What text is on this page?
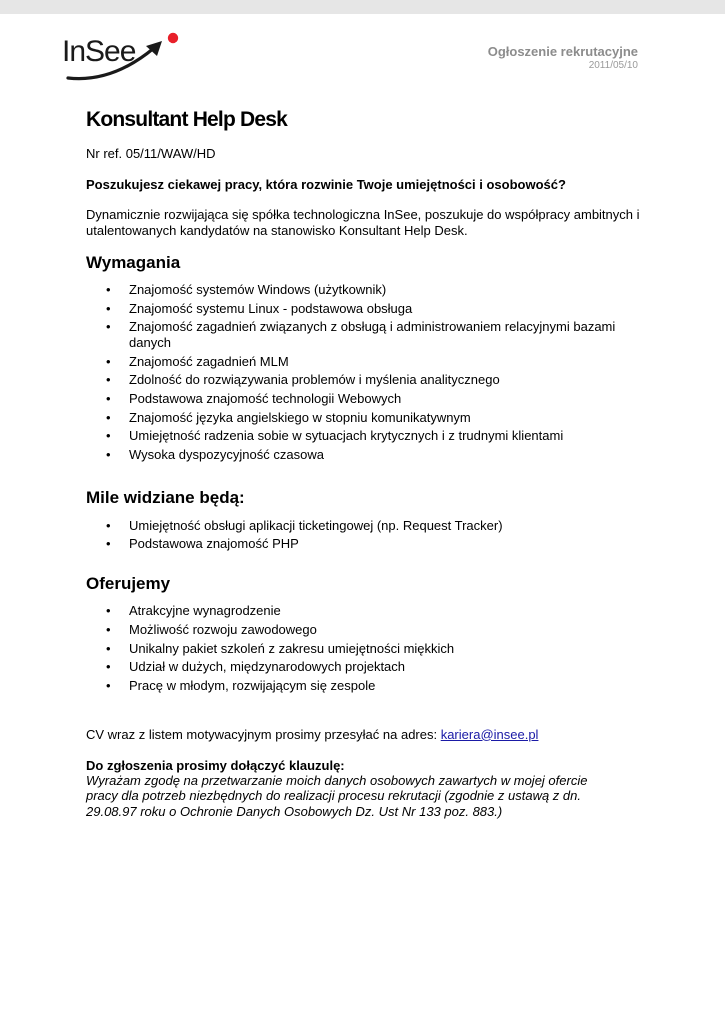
InSee	Ogłoszenie rekrutacyjne
2011/05/10
Konsultant Help Desk
Nr ref. 05/11/WAW/HD
Poszukujesz ciekawej pracy, która rozwinie Twoje umiejętności i osobowość?
Dynamicznie rozwijająca się spółka technologiczna InSee, poszukuje do współpracy ambitnych i utalentowanych kandydatów na stanowisko Konsultant Help Desk.
Wymagania
• Znajomość systemów Windows (użytkownik)
• Znajomość systemu Linux - podstawowa obsługa
• Znajomość zagadnień związanych z obsługą i administrowaniem relacyjnymi bazami danych
• Znajomość zagadnień MLM
• Zdolność do rozwiązywania problemów i myślenia analitycznego
• Podstawowa znajomość technologii Webowych
• Znajomość języka angielskiego w stopniu komunikatywnym
• Umiejętność radzenia sobie w sytuacjach krytycznych i z trudnymi klientami
• Wysoka dyspozycyjność czasowa
Mile widziane będą:
• Umiejętność obsługi aplikacji ticketingowej (np. Request Tracker)
• Podstawowa znajomość PHP
Oferujemy
• Atrakcyjne wynagrodzenie
• Możliwość rozwoju zawodowego
• Unikalny pakiet szkoleń z zakresu umiejętności miękkich
• Udział w dużych, międzynarodowych projektach
• Pracę w młodym, rozwijającym się zespole
CV wraz z listem motywacyjnym prosimy przesyłać na adres: kariera@insee.pl
Do zgłoszenia prosimy dołączyć klauzulę:
Wyrażam zgodę na przetwarzanie moich danych osobowych zawartych w mojej ofercie pracy dla potrzeb niezbędnych do realizacji procesu rekrutacji (zgodnie z ustawą z dn. 29.08.97 roku o Ochronie Danych Osobowych Dz. Ust Nr 133 poz. 883.)
